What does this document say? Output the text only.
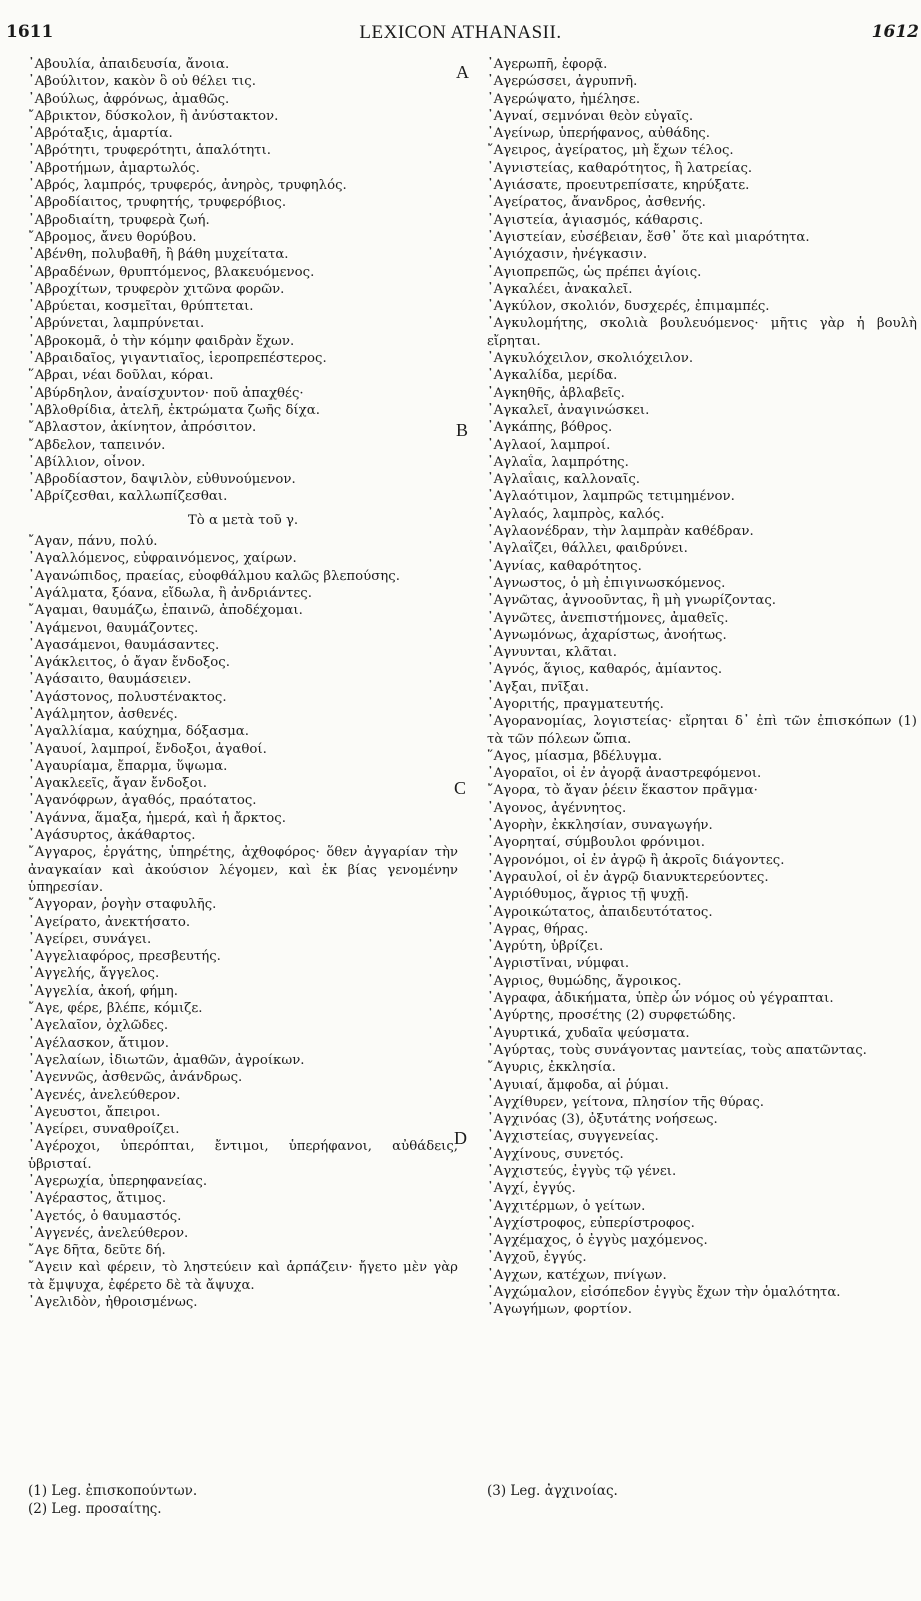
1611	LEXICON ATHANASII.	1612
A
B
C
D
᾿Αβουλία, ἀπαιδευσία, ἄνοια.
᾿Αβούλιτον, κακὸν ὃ οὐ θέλει τις.
᾿Αβούλως, ἀφρόνως, ἀμαθῶς.
῎Αβρικτον, δύσκολον, ἢ ἀνύστακτον.
᾿Αβρόταξις, ἁμαρτία.
᾿Αβρότητι, τρυφερότητι, ἁπαλότητι.
᾿Αβροτήμων, ἁμαρτωλός.
᾿Αβρός, λαμπρός, τρυφερός, ἀνηρὸς, τρυφηλός.
᾿Αβροδίαιτος, τρυφητής, τρυφερόβιος.
᾿Αβροδιαίτη, τρυφερὰ ζωή.
῎Αβρομος, ἄνευ θορύβου.
᾿Αβένθη, πολυβαθῆ, ἢ βάθη μυχείτατα.
᾿Αβραδένων, θρυπτόμενος, βλακευόμενος.
᾿Αβροχίτων, τρυφερὸν χιτῶνα φορῶν.
᾿Αβρύεται, κοσμεῖται, θρύπτεται.
᾿Αβρύνεται, λαμπρύνεται.
᾿Αβροκομᾶ, ὁ τὴν κόμην φαιδρὰν ἔχων.
᾿Αβραιδαῖος, γιγαντιαῖος, ἱεροπρεπέστερος.
῞Αβραι, νέαι δοῦλαι, κόραι.
᾿Αβύρδηλον, ἀναίσχυντον· ποῦ ἀπαχθές·
᾿Αβλοθρίδια, ἀτελῆ, ἐκτρώματα ζωῆς δίχα.
῎Αβλαστον, ἀκίνητον, ἀπρόσιτον.
῎Αβδελον, ταπεινόν.
᾿Αβίλλιον, οἶνον.
᾿Αβροδίαστον, δαψιλὸν, εὐθυνούμενον.
᾿Αβρίζεσθαι, καλλωπίζεσθαι.
Τὸ α μετὰ τοῦ γ.
῎Αγαν, πάνυ, πολύ.
᾿Αγαλλόμενος, εὐφραινόμενος, χαίρων.
᾿Αγανώπιδος, πραείας, εὐοφθάλμου καλῶς βλεπούσης.
᾿Αγάλματα, ξόανα, εἴδωλα, ἢ ἀνδριάντες.
῎Αγαμαι, θαυμάζω, ἐπαινῶ, ἀποδέχομαι.
᾿Αγάμενοι, θαυμάζοντες.
᾿Αγασάμενοι, θαυμάσαντες.
᾿Αγάκλειτος, ὁ ἄγαν ἔνδοξος.
᾿Αγάσαιτο, θαυμάσειεν.
᾿Αγάστονος, πολυστένακτος.
᾿Αγάλμητον, ἀσθενές.
᾿Αγαλλίαμα, καύχημα, δόξασμα.
᾿Αγαυοί, λαμπροί, ἔνδοξοι, ἀγαθοί.
᾿Αγαυρίαμα, ἔπαρμα, ὕψωμα.
᾿Αγακλεεῖς, ἄγαν ἔνδοξοι.
᾿Αγανόφρων, ἀγαθός, πραότατος.
᾿Αγάννα, ἅμαξα, ἡμερά, καὶ ἡ ἄρκτος.
᾿Αγάσυρτος, ἀκάθαρτος.
῎Αγγαρος, ἐργάτης, ὑπηρέτης, ἀχθοφόρος· ὅθεν ἀγγαρίαν τὴν ἀναγκαίαν καὶ ἀκούσιον λέγομεν, καὶ ἐκ βίας γενομένην ὑπηρεσίαν.
῎Αγγοραν, ῥογὴν σταφυλῆς.
᾿Αγείρατο, ἀνεκτήσατο.
᾿Αγείρει, συνάγει.
᾿Αγγελιαφόρος, πρεσβευτής.
᾿Αγγελής, ἄγγελος.
᾿Αγγελία, ἀκοή, φήμη.
῎Αγε, φέρε, βλέπε, κόμιζε.
᾿Αγελαῖον, ὀχλῶδες.
᾿Αγέλασκον, ἄτιμον.
᾿Αγελαίων, ἰδιωτῶν, ἀμαθῶν, ἀγροίκων.
᾿Αγεννῶς, ἀσθενῶς, ἀνάνδρως.
᾿Αγενές, ἀνελεύθερον.
᾿Αγευστοι, ἄπειροι.
᾿Αγείρει, συναθροίζει.
᾿Αγέροχοι, ὑπερόπται, ἔντιμοι, ὑπερήφανοι, αὐθάδεις, ὑβρισταί.
᾿Αγερωχία, ὑπερηφανείας.
᾿Αγέραστος, ἄτιμος.
᾿Αγετός, ὁ θαυμαστός.
᾿Αγγενές, ἀνελεύθερον.
῎Αγε δῆτα, δεῦτε δή.
῎Αγειν καὶ φέρειν, τὸ ληστεύειν καὶ ἁρπάζειν· ἤγετο μὲν γὰρ τὰ ἔμψυχα, ἐφέρετο δὲ τὰ ἄψυχα.
᾿Αγελιδὸν, ἠθροισμένως.
᾿Αγερωπῆ, ἐφορᾷ.
᾿Αγερώσσει, ἀγρυπνῆ.
᾿Αγερώψατο, ἠμέλησε.
᾿Αγναί, σεμνόναι θεὸν εὐγαῖς.
᾿Αγείνωρ, ὑπερήφανος, αὐθάδης.
῎Αγειρος, ἀγείρατος, μὴ ἔχων τέλος.
᾿Αγνιστείας, καθαρότητος, ἢ λατρείας.
᾿Αγιάσατε, προευτρεπίσατε, κηρύξατε.
᾿Αγείρατος, ἄνανδρος, ἀσθενής.
᾿Αγιστεία, ἁγιασμός, κάθαρσις.
᾿Αγιστείαν, εὐσέβειαν, ἔσθ᾿ ὅτε καὶ μιαρότητα.
᾿Αγιόχασιν, ἠνέγκασιν.
᾿Αγιοπρεπῶς, ὡς πρέπει ἁγίοις.
᾿Αγκαλέει, ἀνακαλεῖ.
᾿Αγκύλον, σκολιόν, δυσχερές, ἐπιμαμπές.
᾿Αγκυλομήτης, σκολιὰ βουλευόμενος· μῆτις γὰρ ἡ βουλὴ εἴρηται.
᾿Αγκυλόχειλον, σκολιόχειλον.
᾿Αγκαλίδα, μερίδα.
᾿Αγκηθῆς, ἀβλαβεῖς.
᾿Αγκαλεῖ, ἀναγινώσκει.
᾿Αγκάπης, βόθρος.
᾿Αγλαοί, λαμπροί.
᾿Αγλαΐα, λαμπρότης.
᾿Αγλαΐαις, καλλοναῖς.
᾿Αγλαότιμον, λαμπρῶς τετιμημένον.
᾿Αγλαός, λαμπρὸς, καλός.
᾿Αγλαονέδραν, τὴν λαμπρὰν καθέδραν.
᾿Αγλαΐζει, θάλλει, φαιδρύνει.
᾿Αγνίας, καθαρότητος.
᾿Αγνωστος, ὁ μὴ ἐπιγινωσκόμενος.
᾿Αγνῶτας, ἀγνοοῦντας, ἢ μὴ γνωρίζοντας.
᾿Αγνῶτες, ἀνεπιστήμονες, ἀμαθεῖς.
᾿Αγνωμόνως, ἀχαρίστως, ἀνοήτως.
᾿Αγνυνται, κλᾶται.
᾿Αγνός, ἅγιος, καθαρός, ἀμίαντος.
᾿Αγξαι, πνῖξαι.
᾿Αγοριτής, πραγματευτής.
᾿Αγορανομίας, λογιστείας· εἴρηται δ᾿ ἐπὶ τῶν ἐπισκόπων (1) τὰ τῶν πόλεων ὤπια.
῞Αγος, μίασμα, βδέλυγμα.
᾿Αγοραῖοι, οἱ ἐν ἀγορᾷ ἀναστρεφόμενοι.
῎Αγορα, τὸ ἄγαν ῥέειν ἕκαστον πρᾶγμα·
᾿Αγονος, ἀγέννητος.
᾿Αγορὴν, ἐκκλησίαν, συναγωγήν.
᾿Αγορηταί, σύμβουλοι φρόνιμοι.
᾿Αγρονόμοι, οἱ ἐν ἀγρῷ ἢ ἀκροῖς διάγοντες.
᾿Αγραυλοί, οἱ ἐν ἀγρῷ διανυκτερεύοντες.
᾿Αγριόθυμος, ἄγριος τῇ ψυχῇ.
᾿Αγροικώτατος, ἀπαιδευτότατος.
᾿Αγρας, θήρας.
᾿Αγρύτη, ὑβρίζει.
᾿Αγριστῖναι, νύμφαι.
᾿Αγριος, θυμώδης, ἄγροικος.
᾿Αγραφα, ἀδικήματα, ὑπὲρ ὧν νόμος οὐ γέγραπται.
᾿Αγύρτης, προσέτης (2) συρφετώδης.
᾿Αγυρτικά, χυδαῖα ψεύσματα.
᾿Αγύρτας, τοὺς συνάγοντας μαντείας, τοὺς απατῶντας.
῎Αγυρις, ἐκκλησία.
᾿Αγυιαί, ἄμφοδα, αἱ ῥύμαι.
᾿Αγχίθυρεν, γείτονα, πλησίον τῆς θύρας.
᾿Αγχινόας (3), ὀξυτάτης νοήσεως.
᾿Αγχιστείας, συγγενείας.
᾿Αγχίνους, συνετός.
᾿Αγχιστεύς, ἐγγὺς τῷ γένει.
᾿Αγχί, ἐγγύς.
᾿Αγχιτέρμων, ὁ γείτων.
᾿Αγχίστροφος, εὐπερίστροφος.
᾿Αγχέμαχος, ὁ ἐγγὺς μαχόμενος.
᾿Αγχοῦ, ἐγγύς.
᾿Αγχων, κατέχων, πνίγων.
᾿Αγχώμαλον, εἰσόπεδον ἐγγὺς ἔχων τὴν ὁμαλότητα.
᾿Αγωγήμων, φορτίον.
(1) Leg. ἐπισκοπούντων.
(2) Leg. προσαίτης.
(3) Leg. ἀγχινοίας.
